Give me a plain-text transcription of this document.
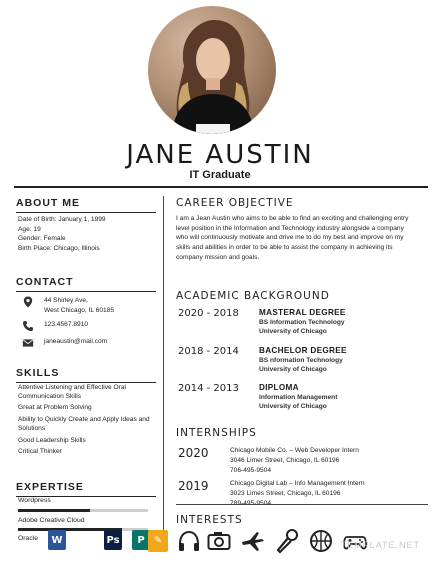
JANE AUSTIN
IT Graduate
ABOUT ME
Date of Birth: January 1, 1999
Age: 19
Gender: Female
Birth Place: Chicago, Illinois
CONTACT
44 Shirley Ave.
West Chicago, IL 60185
123.4567.8910
janeaustin@mail.com
SKILLS
Attentive Listening and Effective Oral Communication Skills
Great at Problem Solving
Ability to Quickly Create and Apply Ideas and Solutions
Good Leadership Skills
Critical Thinker
EXPERTISE
Wordpress
Adobe Creative Cloud
Oracle	W	Ps	P
CAREER OBJECTIVE
I am a Jean Austin who aims to be able to find an exciting and challenging entry level position in the Information and Technology industry alongside a company who will continuously motivate and drive me to do my best and improve on my skills and abilities in order to be able to assist the company in achieving its company mission and goals.
ACADEMIC BACKGROUND
2020 - 2018 MASTERAL DEGREE
BS Information Technology
University of Chicago
2018 - 2014 BACHELOR DEGREE
BS nformation Technology
University of Chicago
2014 - 2013 DIPLOMA
Information Management
University of Chicago
INTERNSHIPS
2020	Chicago Mobile Co. – Web Developer Intern
3046 Limer Street, Chicago, IL 60196
706-495-9504
2019	Chicago Digital Lab – Info Management Intern
3023 Limes Street, Chicago, IL 60196
INTERESTS
✎	TEMPLATE.NET
